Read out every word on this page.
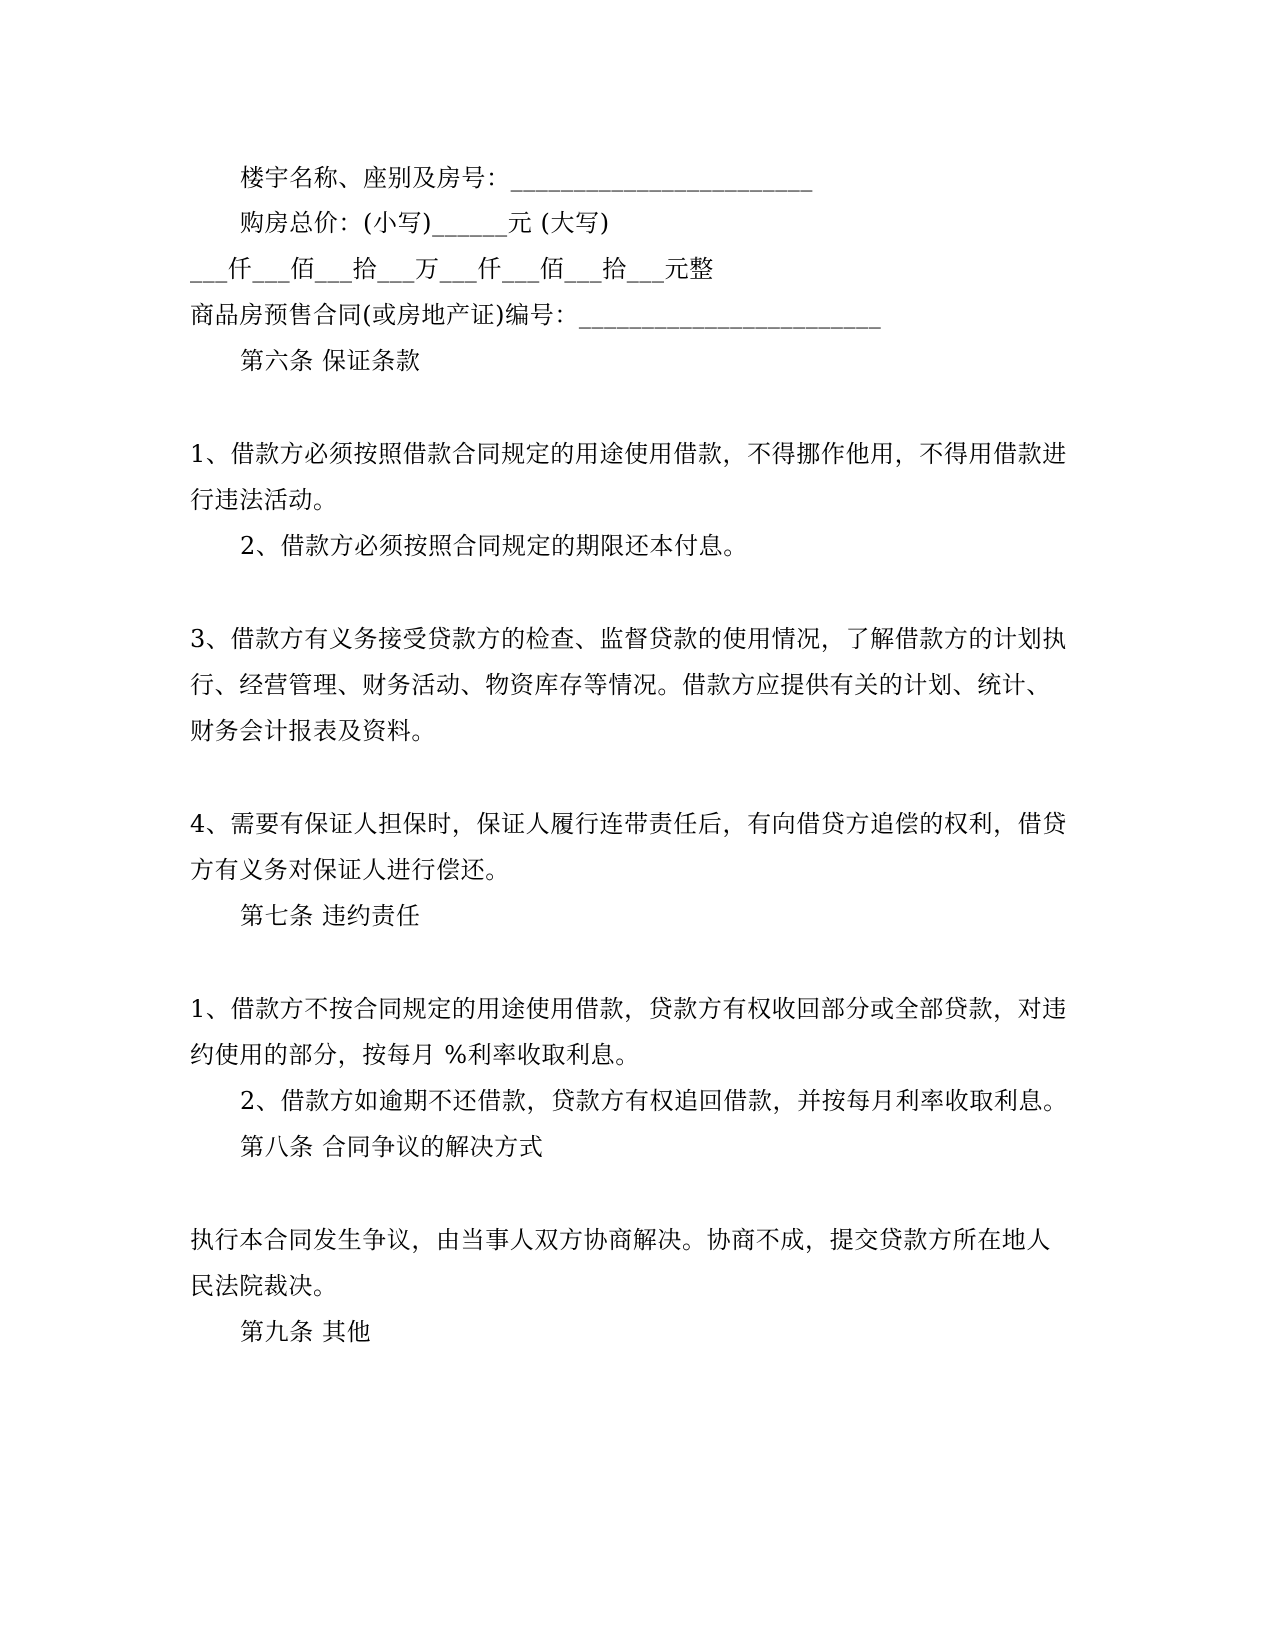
楼宇名称、座别及房号：________________________
购房总价：(小写)______元 (大写)
___仟___佰___拾___万___仟___佰___拾___元整
商品房预售合同(或房地产证)编号：________________________
第六条 保证条款
1、借款方必须按照借款合同规定的用途使用借款，不得挪作他用，不得用借款进
行违法活动。
2、借款方必须按照合同规定的期限还本付息。
3、借款方有义务接受贷款方的检查、监督贷款的使用情况，了解借款方的计划执
行、经营管理、财务活动、物资库存等情况。借款方应提供有关的计划、统计、
财务会计报表及资料。
4、需要有保证人担保时，保证人履行连带责任后，有向借贷方追偿的权利，借贷
方有义务对保证人进行偿还。
第七条 违约责任
1、借款方不按合同规定的用途使用借款，贷款方有权收回部分或全部贷款，对违
约使用的部分，按每月 %利率收取利息。
2、借款方如逾期不还借款，贷款方有权追回借款，并按每月利率收取利息。
第八条 合同争议的解决方式
执行本合同发生争议，由当事人双方协商解决。协商不成，提交贷款方所在地人
民法院裁决。
第九条 其他
